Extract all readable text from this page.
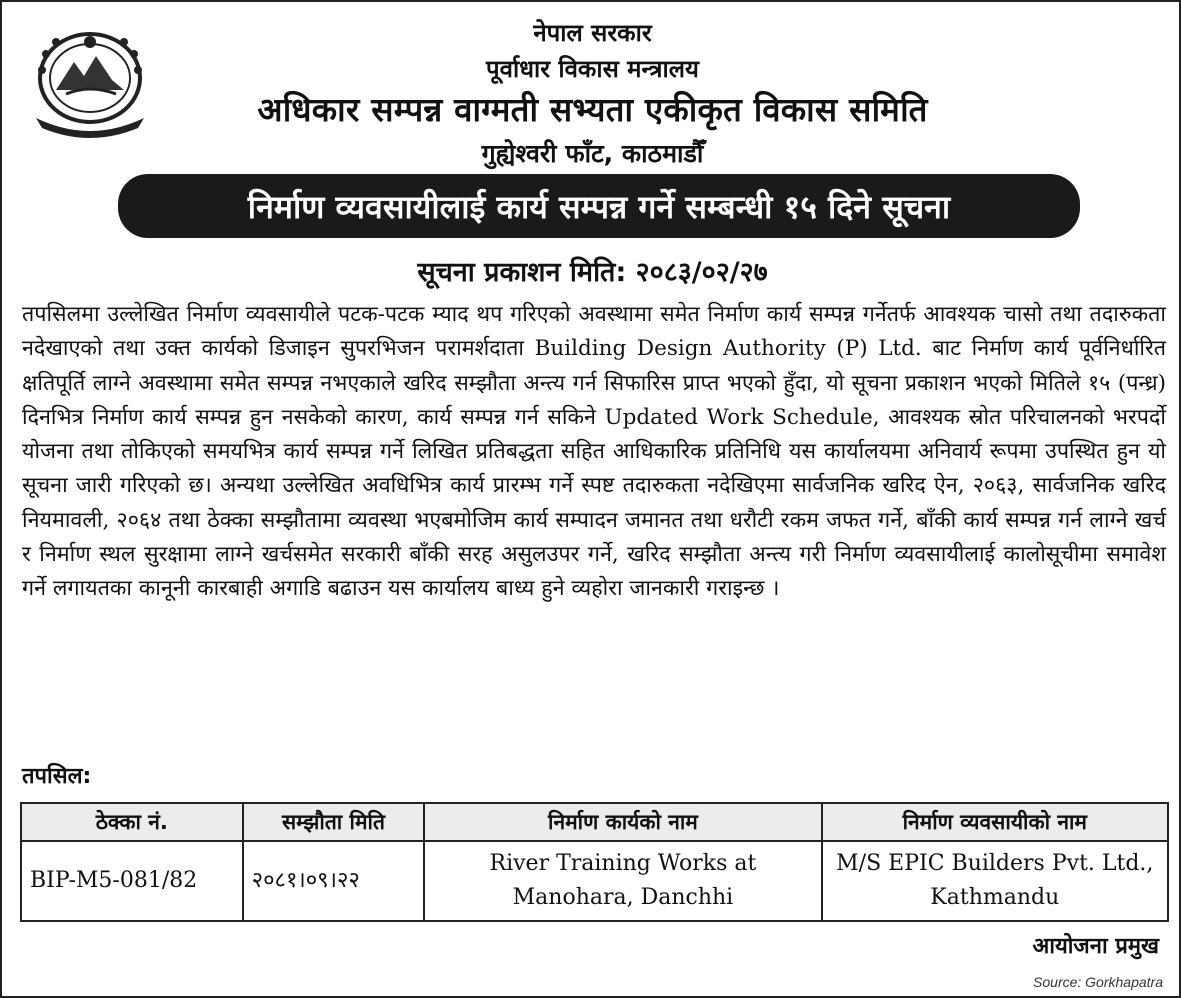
नेपाल सरकार
पूर्वाधार विकास मन्त्रालय
अधिकार सम्पन्न वाग्मती सभ्यता एकीकृत विकास समिति
गुह्येश्वरी फाँट, काठमाडौँ
निर्माण व्यवसायीलाई कार्य सम्पन्न गर्ने सम्बन्धी १५ दिने सूचना
सूचना प्रकाशन मिति: २०८३/०२/२७

तपसिलमा उल्लेखित निर्माण व्यवसायीले पटक-पटक म्याद थप गरिएको अवस्थामा समेत निर्माण कार्य सम्पन्न गर्नेतर्फ आवश्यक चासो तथा तदारुकता नदेखाएको तथा उक्त कार्यको डिजाइन सुपरभिजन परामर्शदाता Building Design Authority (P) Ltd. बाट निर्माण कार्य पूर्वनिर्धारित क्षतिपूर्ति लाग्ने अवस्थामा समेत सम्पन्न नभएकाले खरिद सम्झौता अन्त्य गर्न सिफारिस प्राप्त भएको हुँदा, यो सूचना प्रकाशन भएको मितिले १५ (पन्ध्र) दिनभित्र निर्माण कार्य सम्पन्न हुन नसकेको कारण, कार्य सम्पन्न गर्न सकिने Updated Work Schedule, आवश्यक स्रोत परिचालनको भरपर्दो योजना तथा तोकिएको समयभित्र कार्य सम्पन्न गर्ने लिखित प्रतिबद्धता सहित आधिकारिक प्रतिनिधि यस कार्यालयमा अनिवार्य रूपमा उपस्थित हुन यो सूचना जारी गरिएको छ। अन्यथा उल्लेखित अवधिभित्र कार्य प्रारम्भ गर्ने स्पष्ट तदारुकता नदेखिएमा सार्वजनिक खरिद ऐन, २०६३, सार्वजनिक खरिद नियमावली, २०६४ तथा ठेक्का सम्झौतामा व्यवस्था भएबमोजिम कार्य सम्पादन जमानत तथा धरौटी रकम जफत गर्ने, बाँकी कार्य सम्पन्न गर्न लाग्ने खर्च र निर्माण स्थल सुरक्षामा लाग्ने खर्चसमेत सरकारी बाँकी सरह असुलउपर गर्ने, खरिद सम्झौता अन्त्य गरी निर्माण व्यवसायीलाई कालोसूचीमा समावेश गर्ने लगायतका कानूनी कारबाही अगाडि बढाउन यस कार्यालय बाध्य हुने व्यहोरा जानकारी गराइन्छ ।

तपसिल:
ठेक्का नं.	सम्झौता मिति	निर्माण कार्यको नाम	निर्माण व्यवसायीको नाम
BIP-M5-081/82	२०८१।०९।२२	River Training Works at Manohara, Danchhi	M/S EPIC Builders Pvt. Ltd., Kathmandu
आयोजना प्रमुख
Source: Gorkhapatra
